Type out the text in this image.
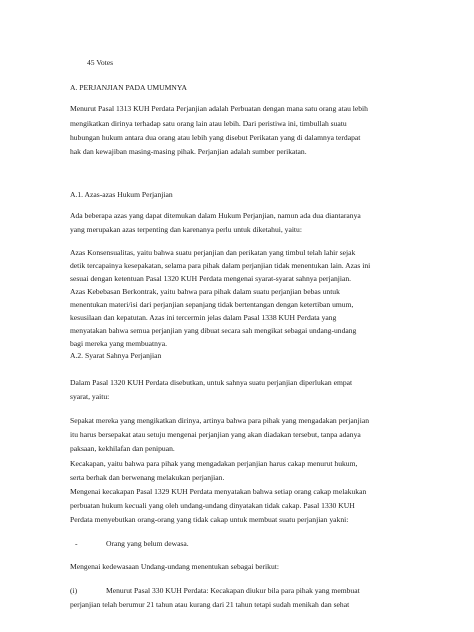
45 Votes
A. PERJANJIAN PADA UMUMNYA
Menurut Pasal 1313 KUH Perdata Perjanjian adalah Perbuatan dengan mana satu orang atau lebih
mengikatkan dirinya terhadap satu orang lain atau lebih. Dari peristiwa ini, timbullah suatu
hubungan hukum antara dua orang atau lebih yang disebut Perikatan yang di dalamnya terdapat
hak dan kewajiban masing-masing pihak. Perjanjian adalah sumber perikatan.
A.1. Azas-azas Hukum Perjanjian
Ada beberapa azas yang dapat ditemukan dalam Hukum Perjanjian, namun ada dua diantaranya
yang merupakan azas terpenting dan karenanya perlu untuk diketahui, yaitu:
Azas Konsensualitas, yaitu bahwa suatu perjanjian dan perikatan yang timbul telah lahir sejak
detik tercapainya kesepakatan, selama para pihak dalam perjanjian tidak menentukan lain. Azas ini
sesuai dengan ketentuan Pasal 1320 KUH Perdata mengenai syarat-syarat sahnya perjanjian.
Azas Kebebasan Berkontrak, yaitu bahwa para pihak dalam suatu perjanjian bebas untuk
menentukan materi/isi dari perjanjian sepanjang tidak bertentangan dengan ketertiban umum,
kesusilaan dan kepatutan. Azas ini tercermin jelas dalam Pasal 1338 KUH Perdata yang
menyatakan bahwa semua perjanjian yang dibuat secara sah mengikat sebagai undang-undang
bagi mereka yang membuatnya.
A.2. Syarat Sahnya Perjanjian
Dalam Pasal 1320 KUH Perdata disebutkan, untuk sahnya suatu perjanjian diperlukan empat
syarat, yaitu:
Sepakat mereka yang mengikatkan dirinya, artinya bahwa para pihak yang mengadakan perjanjian
itu harus bersepakat atau setuju mengenai perjanjian yang akan diadakan tersebut, tanpa adanya
paksaan, kekhilafan dan penipuan.
Kecakapan, yaitu bahwa para pihak yang mengadakan perjanjian harus cakap menurut hukum,
serta berhak dan berwenang melakukan perjanjian.
Mengenai kecakapan Pasal 1329 KUH Perdata menyatakan bahwa setiap orang cakap melakukan
perbuatan hukum kecuali yang oleh undang-undang dinyatakan tidak cakap. Pasal 1330 KUH
Perdata menyebutkan orang-orang yang tidak cakap untuk membuat suatu perjanjian yakni:
-	Orang yang belum dewasa.
Mengenai kedewasaan Undang-undang menentukan sebagai berikut:
(i)	Menurut Pasal 330 KUH Perdata: Kecakapan diukur bila para pihak yang membuat
perjanjian telah berumur 21 tahun atau kurang dari 21 tahun tetapi sudah menikah dan sehat
